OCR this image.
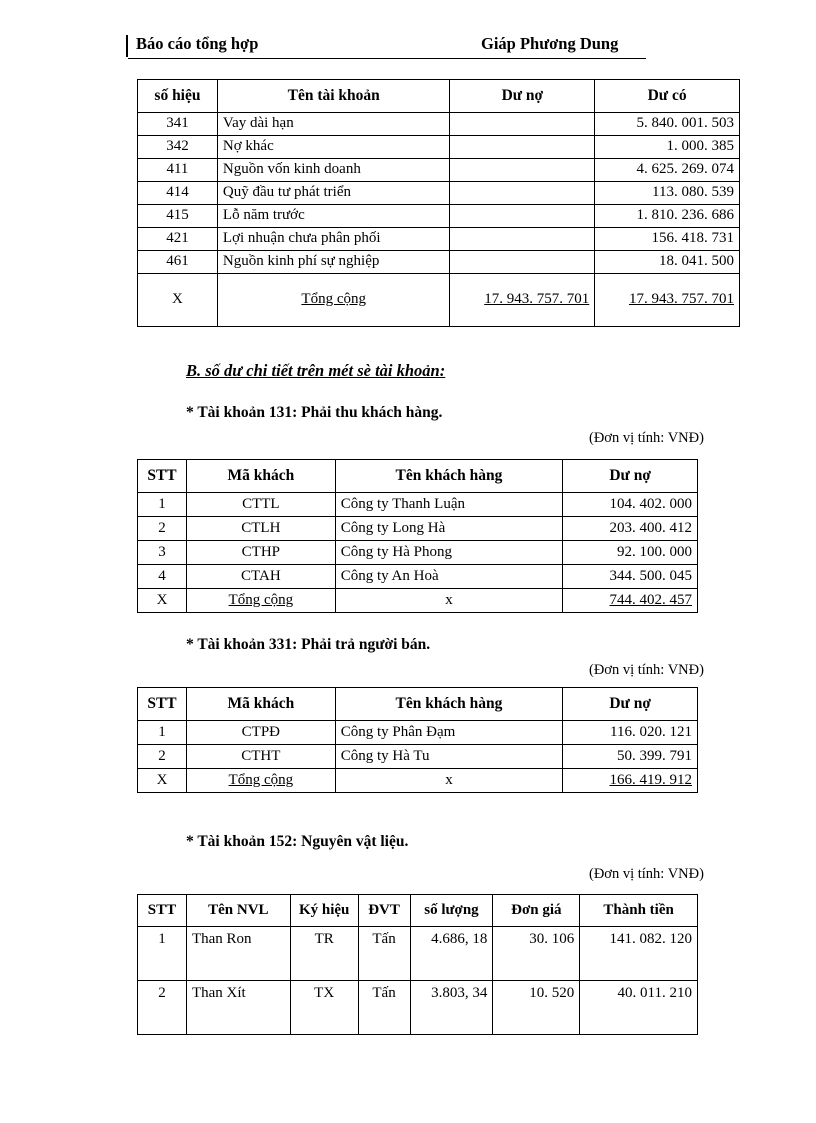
Báo cáo tổng hợp	Giáp Phương Dung
số hiệu	Tên tài khoản	Dư nợ	Dư có
341	Vay dài hạn		5. 840. 001. 503
342	Nợ khác		1. 000. 385
411	Nguồn vốn kinh doanh		4. 625. 269. 074
414	Quỹ đầu tư phát triển		113. 080. 539
415	Lỗ năm trước		1. 810. 236. 686
421	Lợi nhuận chưa phân phối		156. 418. 731
461	Nguồn kinh phí sự nghiệp		18. 041. 500
X	Tổng cộng	17. 943. 757. 701	17. 943. 757. 701
B. số dư chi tiết trên mét sè tài khoản:
* Tài khoản 131: Phải thu khách hàng.
(Đơn vị tính: VNĐ)
STT	Mã khách	Tên khách hàng	Dư nợ
1	CTTL	Công ty Thanh Luận	104. 402. 000
2	CTLH	Công ty Long Hà	203. 400. 412
3	CTHP	Công ty Hà Phong	92. 100. 000
4	CTAH	Công ty An Hoà	344. 500. 045
X	Tổng cộng	x	744. 402. 457
* Tài khoản 331: Phải trả người bán.
(Đơn vị tính: VNĐ)
STT	Mã khách	Tên khách hàng	Dư nợ
1	CTPĐ	Công ty Phân Đạm	116. 020. 121
2	CTHT	Công ty Hà Tu	50. 399. 791
X	Tổng cộng	x	166. 419. 912
* Tài khoản 152: Nguyên vật liệu.
(Đơn vị tính: VNĐ)
STT	Tên NVL	Ký hiệu	ĐVT	số lượng	Đơn giá	Thành tiền
1	Than Ron	TR	Tấn	4.686, 18	30. 106	141. 082. 120
2	Than Xít	TX	Tấn	3.803, 34	10. 520	40. 011. 210
